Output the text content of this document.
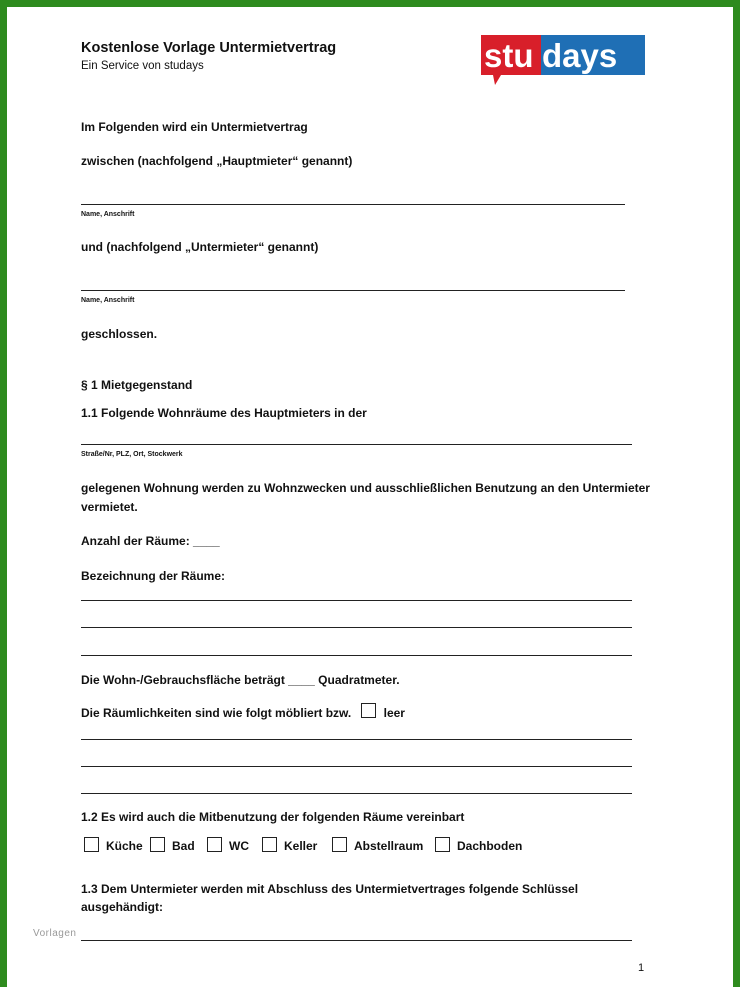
Kostenlose Vorlage Untermietvertrag
Ein Service von studays	stu days
Im Folgenden wird ein Untermietvertrag
zwischen (nachfolgend „Hauptmieter“ genannt)
Name, Anschrift
und (nachfolgend „Untermieter“ genannt)
Name, Anschrift
geschlossen.
§ 1 Mietgegenstand
1.1 Folgende Wohnräume des Hauptmieters in der
Straße/Nr, PLZ, Ort, Stockwerk
gelegenen Wohnung werden zu Wohnzwecken und ausschließlichen Benutzung an den Untermieter
vermietet.
Anzahl der Räume: ____
Bezeichnung der Räume:
Die Wohn-/Gebrauchsfläche beträgt ____ Quadratmeter.
Die Räumlichkeiten sind wie folgt möbliert bzw.	leer
1.2 Es wird auch die Mitbenutzung der folgenden Räume vereinbart
Küche	Bad	WC	Keller	Abstellraum	Dachboden
1.3 Dem Untermieter werden mit Abschluss des Untermietvertrages folgende Schlüssel
ausgehändigt:
Vorlagen
1
